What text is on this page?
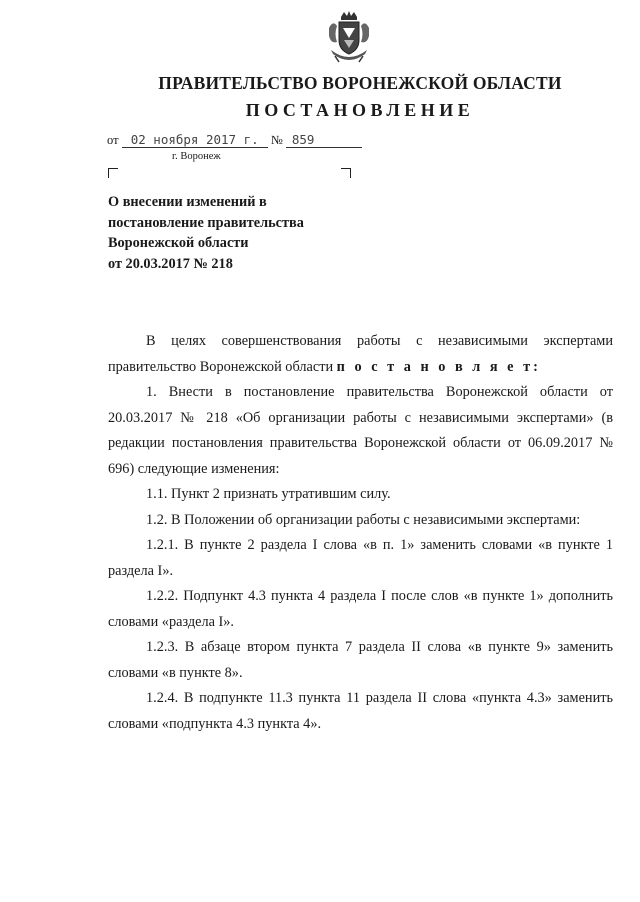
ПРАВИТЕЛЬСТВО ВОРОНЕЖСКОЙ ОБЛАСТИ
ПОСТАНОВЛЕНИЕ
от 02 ноября 2017 г. № 859
г. Воронеж
О внесении изменений в
постановление правительства
Воронежской области
от 20.03.2017 № 218

В целях совершенствования работы с независимыми экспертами правительство Воронежской области п о с т а н о в л я е т:

1. Внести в постановление правительства Воронежской области от 20.03.2017 № 218 «Об организации работы с независимыми экспертами» (в редакции постановления правительства Воронежской области от 06.09.2017 № 696) следующие изменения:

1.1. Пункт 2 признать утратившим силу.

1.2. В Положении об организации работы с независимыми экспертами:

1.2.1. В пункте 2 раздела I слова «в п. 1» заменить словами «в пункте 1 раздела I».

1.2.2. Подпункт 4.3 пункта 4 раздела I после слов «в пункте 1» дополнить словами «раздела I».

1.2.3. В абзаце втором пункта 7 раздела II слова «в пункте 9» заменить словами «в пункте 8».

1.2.4. В подпункте 11.3 пункта 11 раздела II слова «пункта 4.3» заменить словами «подпункта 4.3 пункта 4».
